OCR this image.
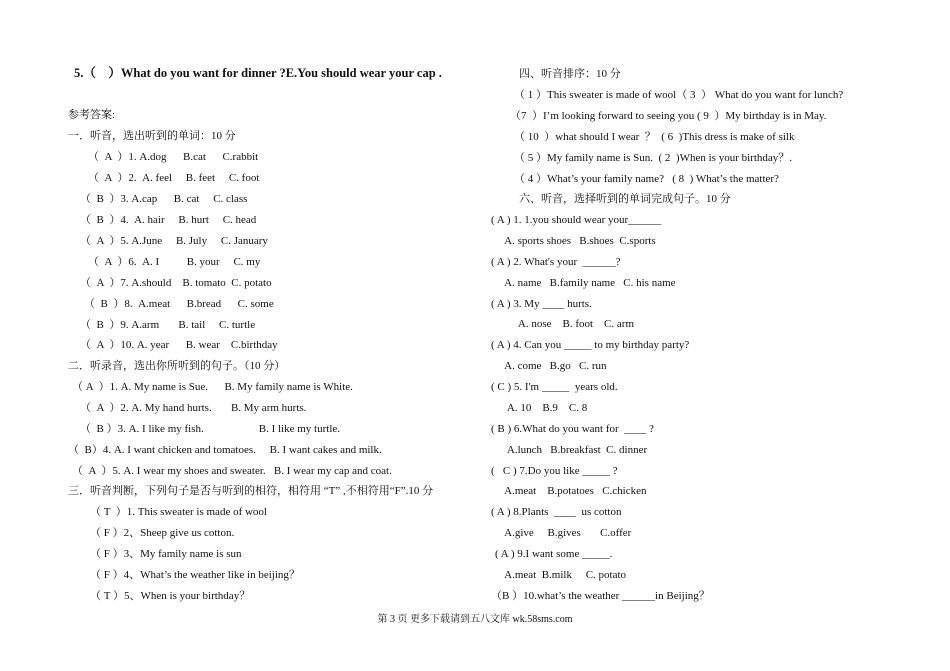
5.（    ）What do you want for dinner ?E.You should wear your cap .
参考答案:
一．听音，选出听到的单词：10 分
（  A  ）1. A.dog      B.cat      C.rabbit
（  A  ）2.  A. feel     B. feet     C. foot
（  B  ）3. A.cap      B. cat     C. class
（  B  ）4.  A. hair     B. hurt     C. head
（  A  ）5. A.June     B. July     C. January
（  A  ）6.  A. I          B. your     C. my
（  A  ）7. A.should    B. tomato  C. potato
（  B  ）8.  A.meat      B.bread      C. some
（  B  ）9. A.arm       B. tail     C. turtle
（  A  ）10. A. year      B. wear    C.birthday
二．听录音，选出你所听到的句子。（10 分）
（ A  ）1. A. My name is Sue.      B. My family name is White.
（  A  ）2. A. My hand hurts.       B. My arm hurts.
（  B ）3. A. I like my fish.                    B. I like my turtle.
（  B）4. A. I want chicken and tomatoes.     B. I want cakes and milk.
（  A  ）5. A. I wear my shoes and sweater.   B. I wear my cap and coat.
三．听音判断，下列句子是否与听到的相符，相符用 “T” ,不相符用“F”.10 分
（ T  ）1. This sweater is made of wool
（ F ）2、Sheep give us cotton.
（ F ）3、My family name is sun
（ F ）4、What’s the weather like in beijing？
（ T ）5、When is your birthday？
四、听音排序：10 分
（ 1 ）This sweater is made of wool（ 3  ） What do you want for lunch?
（7  ）I’m looking forward to seeing you ( 9  ）My birthday is in May.
（ 10  ）what should I wear  ？  ( 6  )This dress is make of silk
（ 5 ）My family name is Sun.  ( 2  )When is your birthday？.
（ 4 ）What’s your family name?   ( 8  ) What’s the matter?
六、听音，选择听到的单词完成句子。10 分
( A ) 1. 1.you should wear your______
A. sports shoes   B.shoes  C.sports
( A ) 2. What's your  ______?
A. name   B.family name   C. his name
( A ) 3. My ____ hurts.
A. nose    B. foot    C. arm
( A ) 4. Can you _____ to my birthday party?
A. come   B.go   C. run
( C ) 5. I'm _____  years old.
A. 10    B.9    C. 8
( B ) 6.What do you want for  ____ ?
A.lunch   B.breakfast  C. dinner
(   C ) 7.Do you like _____ ?
A.meat    B.potatoes   C.chicken
( A ) 8.Plants  ____  us cotton
A.give     B.gives       C.offer
( A ) 9.I want some _____.
A.meat  B.milk     C. potato
（B ）10.what’s the weather ______in Beijing？
第 3 页 更多下载请到五八文库 wk.58sms.com
